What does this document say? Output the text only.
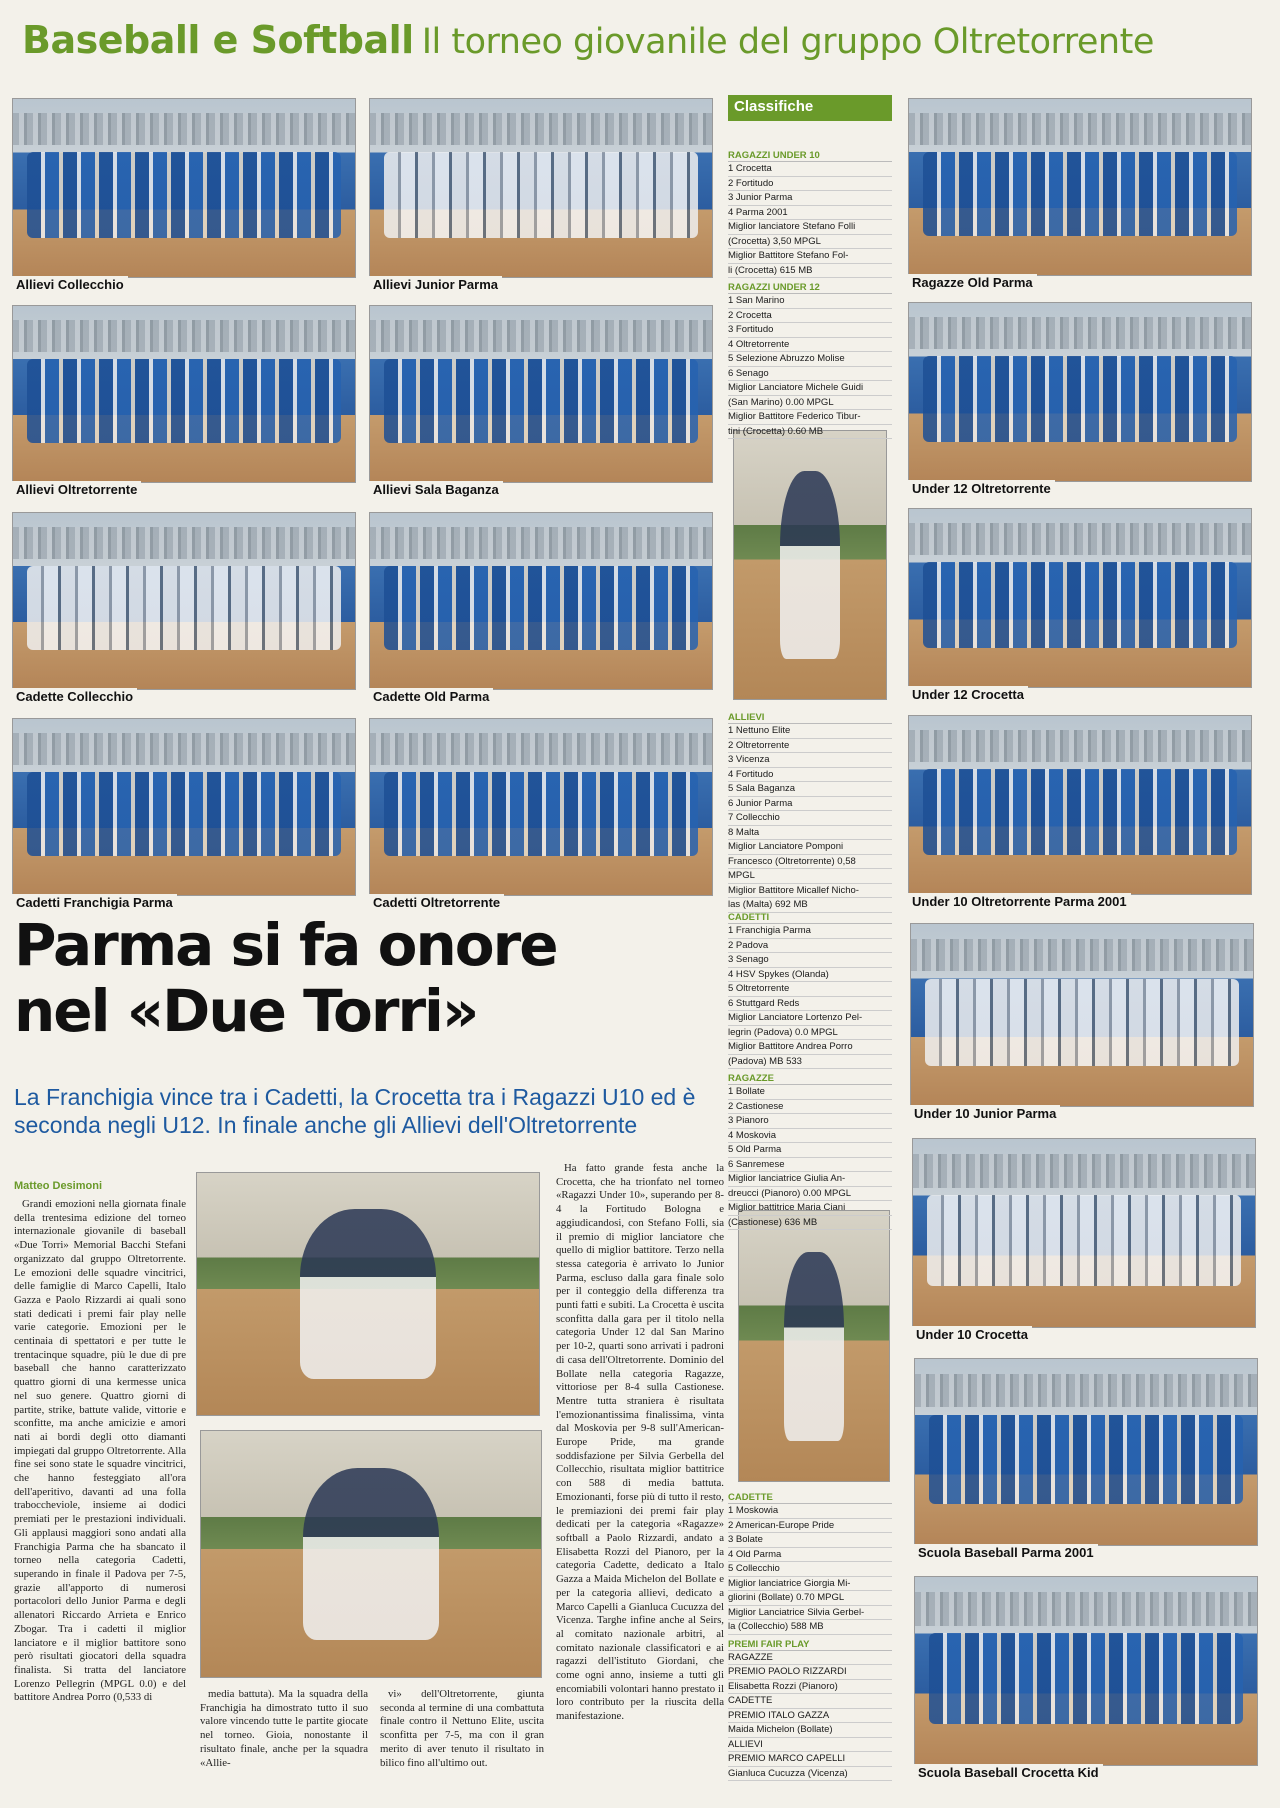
Baseball e Softball Il torneo giovanile del gruppo Oltretorrente
Allievi Collecchio	Allievi Junior Parma	Ragazze Old Parma
Allievi Oltretorrente	Allievi Sala Baganza	Under 12 Oltretorrente
Cadette Collecchio	Cadette Old Parma	Under 12 Crocetta
Cadetti Franchigia Parma	Cadetti Oltretorrente	Under 10 Oltretorrente Parma 2001
Under 10 Junior Parma
Under 10 Crocetta
Scuola Baseball Parma 2001
Scuola Baseball Crocetta Kid
Classifiche
RAGAZZI UNDER 10
1 Crocetta
2 Fortitudo
3 Junior Parma
4 Parma 2001
Miglior lanciatore Stefano Folli
(Crocetta) 3,50 MPGL
Miglior Battitore Stefano Fol-
li (Crocetta) 615 MB
RAGAZZI UNDER 12
1 San Marino
2 Crocetta
3 Fortitudo
4 Oltretorrente
5 Selezione Abruzzo Molise
6 Senago
Miglior Lanciatore Michele Guidi
(San Marino) 0.00 MPGL
Miglior Battitore Federico Tibur-
tini (Crocetta) 0.60 MB
ALLIEVI
1 Nettuno Elite
2 Oltretorrente
3 Vicenza
4 Fortitudo
5 Sala Baganza
6 Junior Parma
7 Collecchio
8 Malta
Miglior Lanciatore Pomponi
Francesco (Oltretorrente) 0,58
MPGL
Miglior Battitore Micallef Nicho-
las (Malta) 692 MB
CADETTI
1 Franchigia Parma
2 Padova
3 Senago
4 HSV Spykes (Olanda)
5 Oltretorrente
6 Stuttgard Reds
Miglior Lanciatore Lortenzo Pel-
legrin (Padova) 0.0 MPGL
Miglior Battitore Andrea Porro
(Padova) MB 533
RAGAZZE
1 Bollate
2 Castionese
3 Pianoro
4 Moskovia
5 Old Parma
6 Sanremese
Miglior lanciatrice Giulia An-
dreucci (Pianoro) 0.00 MPGL
Miglior battitrice Maria Ciani
(Castionese) 636 MB
CADETTE
1 Moskowia
2 American-Europe Pride
3 Bolate
4 Old Parma
5 Collecchio
Miglior lanciatrice Giorgia Mi-
gliorini (Bollate) 0.70 MPGL
Miglior Lanciatrice Silvia Gerbel-
la (Collecchio) 588 MB
PREMI FAIR PLAY
RAGAZZE
PREMIO PAOLO RIZZARDI
Elisabetta Rozzi (Pianoro)
CADETTE
PREMIO ITALO GAZZA
Maida Michelon (Bollate)
ALLIEVI
PREMIO MARCO CAPELLI
Gianluca Cucuzza (Vicenza)
Parma si fa onore
nel «Due Torri»
La Franchigia vince tra i Cadetti, la Crocetta tra i Ragazzi U10 ed è seconda negli U12. In finale anche gli Allievi dell'Oltretorrente
Matteo Desimoni

Grandi emozioni nella giornata finale della trentesima edizione del torneo internazionale giovanile di baseball «Due Torri» Memorial Bacchi Stefani organizzato dal gruppo Oltretorrente. Le emozioni delle squadre vincitrici, delle famiglie di Marco Capelli, Italo Gazza e Paolo Rizzardi ai quali sono stati dedicati i premi fair play nelle varie categorie. Emozioni per le centinaia di spettatori e per tutte le trentacinque squadre, più le due di pre baseball che hanno caratterizzato quattro giorni di una kermesse unica nel suo genere. Quattro giorni di partite, strike, battute valide, vittorie e sconfitte, ma anche amicizie e amori nati ai bordi degli otto diamanti impiegati dal gruppo Oltretorrente. Alla fine sei sono state le squadre vincitrici, che hanno festeggiato all'ora dell'aperitivo, davanti ad una folla traboccheviole, insieme ai dodici premiati per le prestazioni individuali. Gli applausi maggiori sono andati alla Franchigia Parma che ha sbancato il torneo nella categoria Cadetti, superando in finale il Padova per 7-5, grazie all'apporto di numerosi portacolori dello Junior Parma e degli allenatori Riccardo Arrieta e Enrico Zbogar. Tra i cadetti il miglior lanciatore e il miglior battitore sono però risultati giocatori della squadra finalista. Si tratta del lanciatore Lorenzo Pellegrin (MPGL 0.0) e del battitore Andrea Porro (0,533 di	media battuta). Ma la squadra della Franchigia ha dimostrato tutto il suo valore vincendo tutte le partite giocate nel torneo. Gioia, nonostante il risultato finale, anche per la squadra «Allie-

vi» dell'Oltretorrente, giunta seconda al termine di una combattuta finale contro il Nettuno Elite, uscita sconfitta per 7-5, ma con il gran merito di aver tenuto il risultato in bilico fino all'ultimo out.

Ha fatto grande festa anche la Crocetta, che ha trionfato nel torneo «Ragazzi Under 10», superando per 8-4 la Fortitudo Bologna e aggiudicandosi, con Stefano Folli, sia il premio di miglior lanciatore che quello di miglior battitore. Terzo nella stessa categoria è arrivato lo Junior Parma, escluso dalla gara finale solo per il conteggio della differenza tra punti fatti e subiti. La Crocetta è uscita sconfitta dalla gara per il titolo nella categoria Under 12 dal San Marino per 10-2, quarti sono arrivati i padroni di casa dell'Oltretorrente. Dominio del Bollate nella categoria Ragazze, vittoriose per 8-4 sulla Castionese. Mentre tutta straniera è risultata l'emozionantissima finalissima, vinta dal Moskovia per 9-8 sull'American-Europe Pride, ma grande soddisfazione per Silvia Gerbella del Collecchio, risultata miglior battitrice con 588 di media battuta. Emozionanti, forse più di tutto il resto, le premiazioni dei premi fair play dedicati per la categoria «Ragazze» softball a Paolo Rizzardi, andato a Elisabetta Rozzi del Pianoro, per la categoria Cadette, dedicato a Italo Gazza a Maida Michelon del Bollate e per la categoria allievi, dedicato a Marco Capelli a Gianluca Cucuzza del Vicenza. Targhe infine anche al Seirs, al comitato nazionale arbitri, al comitato nazionale classificatori e ai ragazzi dell'istituto Giordani, che come ogni anno, insieme a tutti gli encomiabili volontari hanno prestato il loro contributo per la riuscita della manifestazione.
